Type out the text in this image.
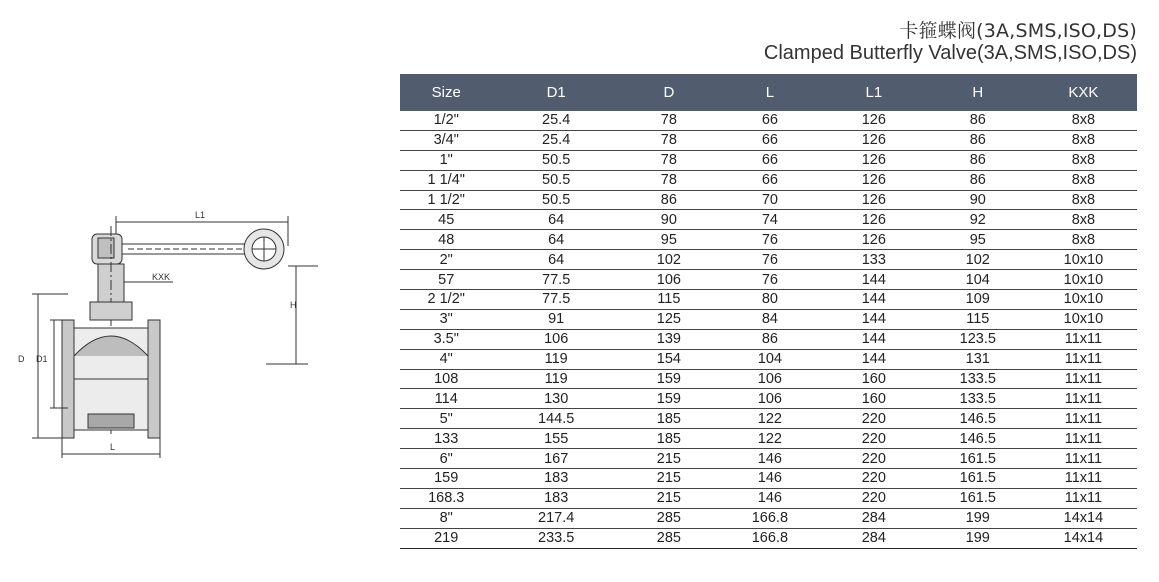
卡箍蝶阀(3A,SMS,ISO,DS)
Clamped Butterfly Valve(3A,SMS,ISO,DS)
L1
KXK
H
D D1
L
Size	D1	D	L	L1	H	KXK
1/2"	25.4	78	66	126	86	8x8
3/4"	25.4	78	66	126	86	8x8
1"	50.5	78	66	126	86	8x8
1 1/4"	50.5	78	66	126	86	8x8
1 1/2"	50.5	86	70	126	90	8x8
45	64	90	74	126	92	8x8
48	64	95	76	126	95	8x8
2"	64	102	76	133	102	10x10
57	77.5	106	76	144	104	10x10
2 1/2"	77.5	115	80	144	109	10x10
3"	91	125	84	144	115	10x10
3.5"	106	139	86	144	123.5	11x11
4"	119	154	104	144	131	11x11
108	119	159	106	160	133.5	11x11
114	130	159	106	160	133.5	11x11
5"	144.5	185	122	220	146.5	11x11
133	155	185	122	220	146.5	11x11
6"	167	215	146	220	161.5	11x11
159	183	215	146	220	161.5	11x11
168.3	183	215	146	220	161.5	11x11
8"	217.4	285	166.8	284	199	14x14
219	233.5	285	166.8	284	199	14x14
